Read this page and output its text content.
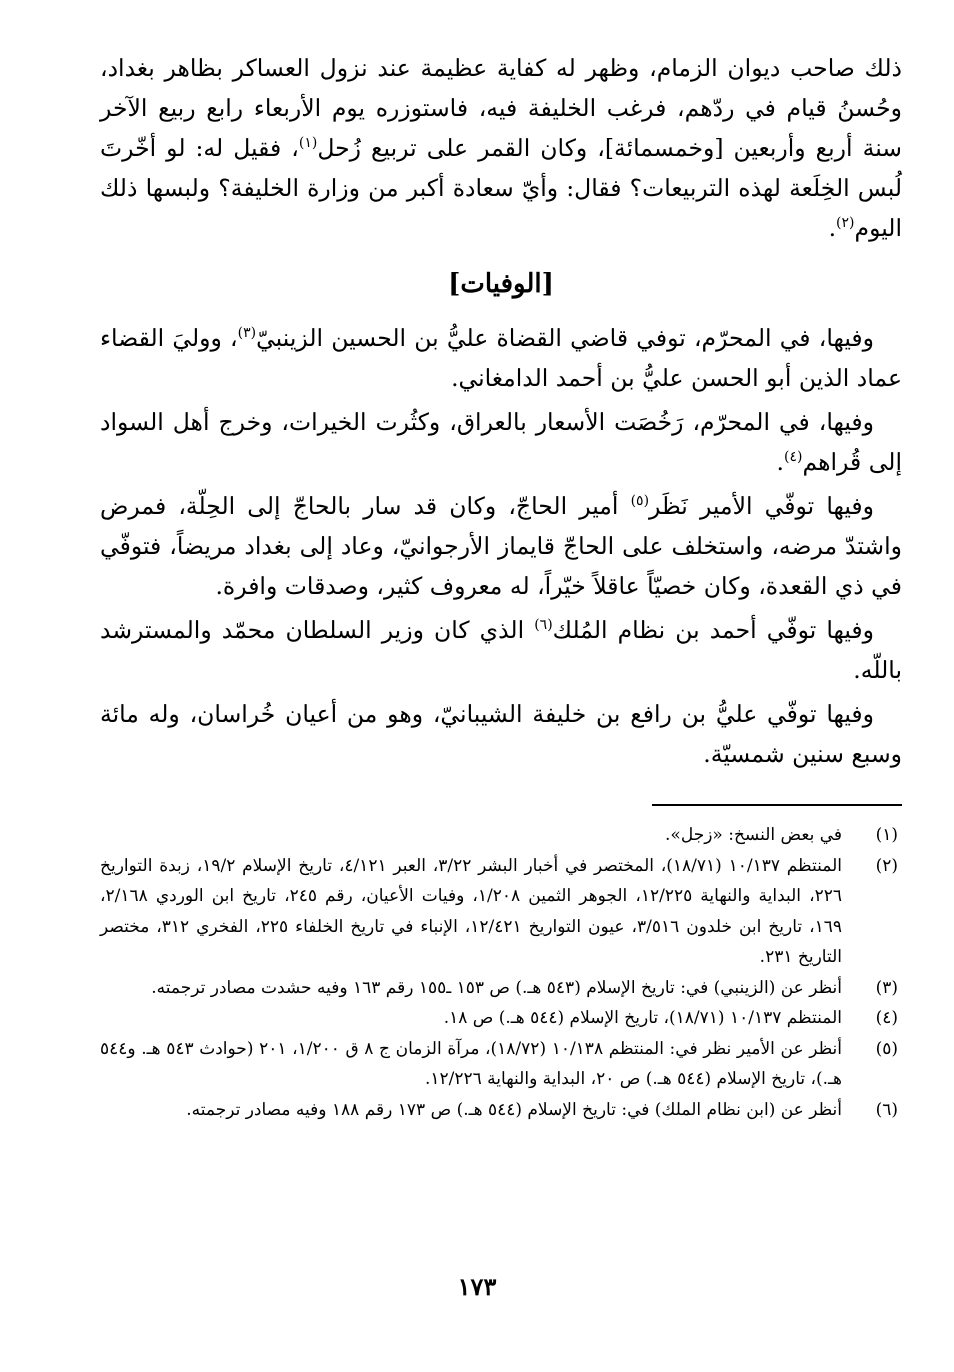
ذلك صاحب ديوان الزمام، وظهر له كفاية عظيمة عند نزول العساكر بظاهر بغداد، وحُسنُ قيام في ردّهم، فرغب الخليفة فيه، فاستوزره يوم الأربعاء رابع ربيع الآخر سنة أربع وأربعين [وخمسمائة]، وكان القمر على تربيع زُحل$^{(١)}$، فقيل له: لو أخّرتَ لُبس الخِلَعة لهذه التربيعات؟ فقال: وأيّ سعادة أكبر من وزارة الخليفة؟ ولبسها ذلك اليوم$^{(٢)}$.

[الوفيات]

وفيها، في المحرّم، توفي قاضي القضاة عليُّ بن الحسين الزينبيّ$^{(٣)}$، ووليَ القضاء عماد الذين أبو الحسن عليُّ بن أحمد الدامغاني.

وفيها، في المحرّم، رَخُصَت الأسعار بالعراق، وكثُرت الخيرات، وخرج أهل السواد إلى قُراهم$^{(٤)}$.

وفيها توفّي الأمير نَظَر$^{(٥)}$ أمير الحاجّ، وكان قد سار بالحاجّ إلى الحِلّة، فمرض واشتدّ مرضه، واستخلف على الحاجّ قايماز الأرجوانيّ، وعاد إلى بغداد مريضاً، فتوفّي في ذي القعدة، وكان خصيّاً عاقلاً خيّراً، له معروف كثير، وصدقات وافرة.

وفيها توفّي أحمد بن نظام المُلك$^{(٦)}$ الذي كان وزير السلطان محمّد والمسترشد باللّه.

وفيها توفّي عليُّ بن رافع بن خليفة الشيبانيّ، وهو من أعيان خُراسان، وله مائة وسبع سنين شمسيّة.

(١)
في بعض النسخ: «زجل».
(٢)
المنتظم ١٠/١٣٧ (١٨/٧١)، المختصر في أخبار البشر ٣/٢٢، العبر ٤/١٢١، تاريخ الإسلام ١٩/٢، زبدة التواريخ ٢٢٦، البداية والنهاية ١٢/٢٢٥، الجوهر الثمين ١/٢٠٨، وفيات الأعيان، رقم ٢٤٥، تاريخ ابن الوردي ٢/١٦٨، ١٦٩، تاريخ ابن خلدون ٣/٥١٦، عيون التواريخ ١٢/٤٢١، الإنباء في تاريخ الخلفاء ٢٢٥، الفخري ٣١٢، مختصر التاريخ ٢٣١.
(٣)
أنظر عن (الزينبي) في: تاريخ الإسلام (٥٤٣ هـ.) ص ١٥٣ ـ١٥٥ رقم ١٦٣ وفيه حشدت مصادر ترجمته.
(٤)
المنتظم ١٠/١٣٧ (١٨/٧١)، تاريخ الإسلام (٥٤٤ هـ.) ص ١٨.
(٥)
أنظر عن الأمير نظر في: المنتظم ١٠/١٣٨ (١٨/٧٢)، مرآة الزمان ج ٨ ق ١/٢٠٠، ٢٠١ (حوادث ٥٤٣ هـ. و٥٤٤ هـ.)، تاريخ الإسلام (٥٤٤ هـ.) ص ٢٠، البداية والنهاية ١٢/٢٢٦.
(٦)
أنظر عن (ابن نظام الملك) في: تاريخ الإسلام (٥٤٤ هـ.) ص ١٧٣ رقم ١٨٨ وفيه مصادر ترجمته.
١٧٣
